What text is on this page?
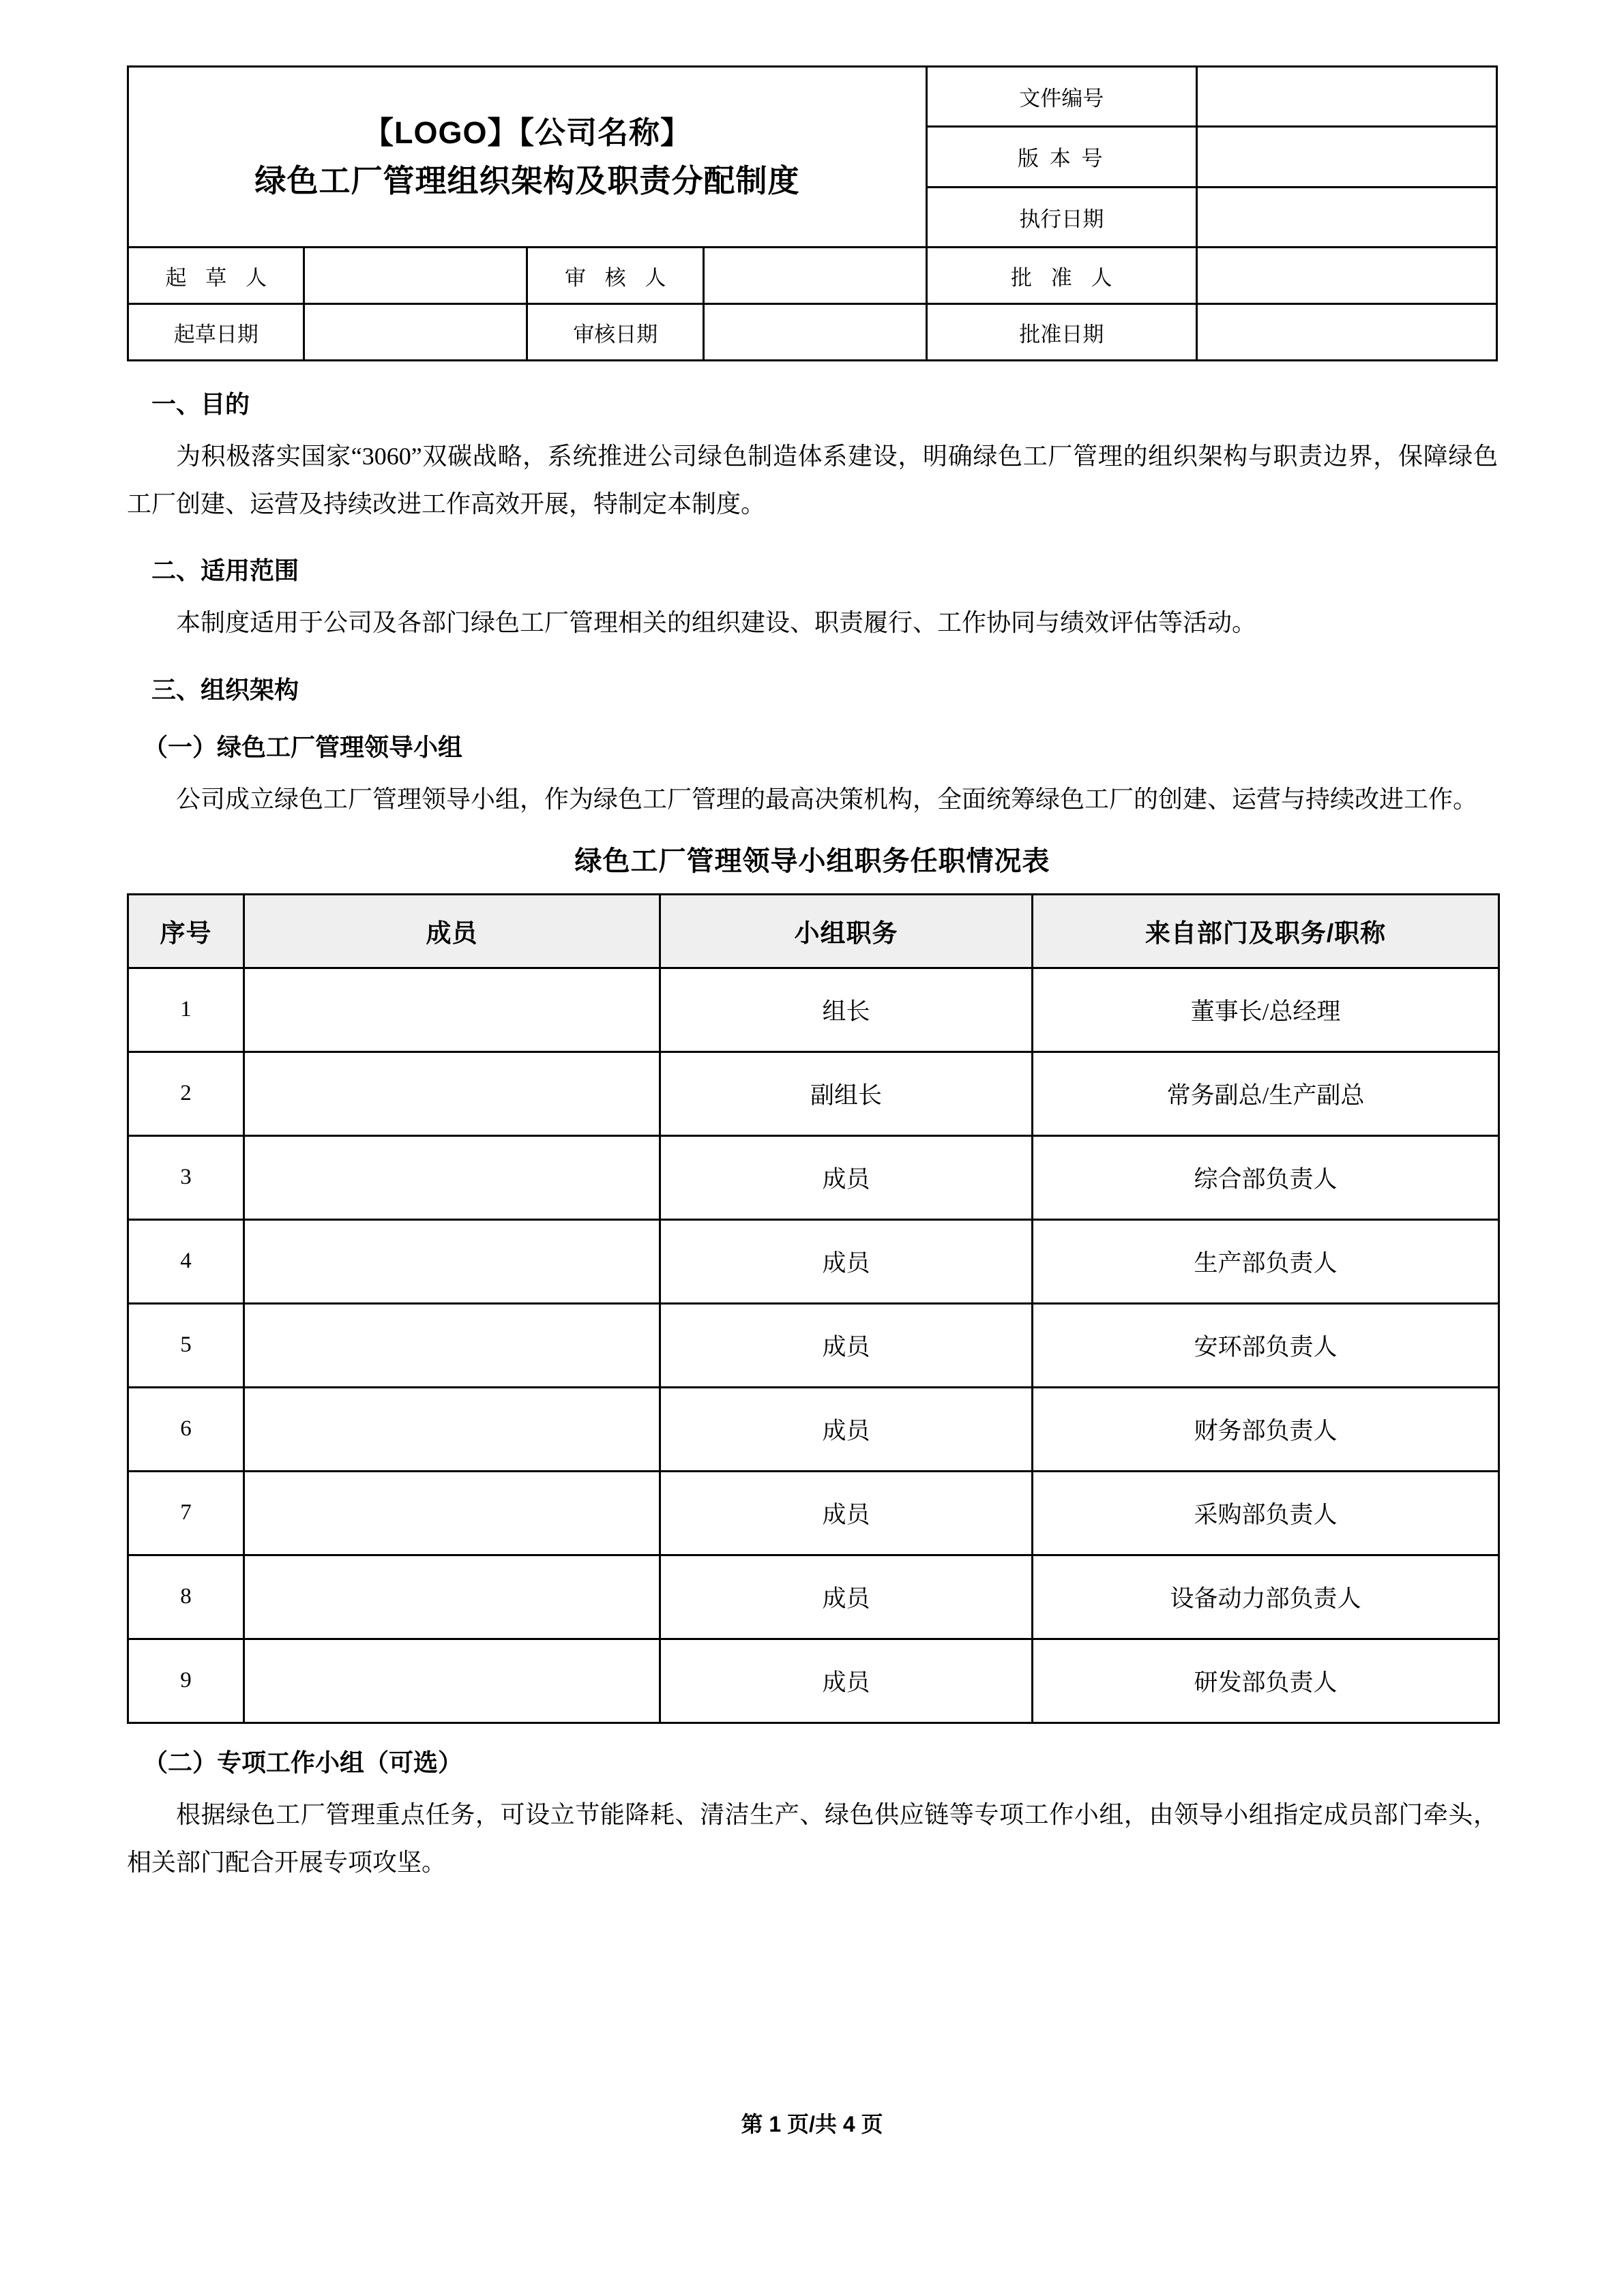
【LOGO】【公司名称】
绿色工厂管理组织架构及职责分配制度				文件编号	
				版 本 号	
				执行日期	
起 草 人		审 核 人		批 准 人	
起草日期		审核日期		批准日期	
一、目的
为积极落实国家“3060”双碳战略，系统推进公司绿色制造体系建设，明确绿色工厂管理的组织架构与职责边界，保障绿色工厂创建、运营及持续改进工作高效开展，特制定本制度。
二、适用范围
本制度适用于公司及各部门绿色工厂管理相关的组织建设、职责履行、工作协同与绩效评估等活动。
三、组织架构
（一）绿色工厂管理领导小组
公司成立绿色工厂管理领导小组，作为绿色工厂管理的最高决策机构，全面统筹绿色工厂的创建、运营与持续改进工作。
绿色工厂管理领导小组职务任职情况表
序号	成员	小组职务	来自部门及职务/职称
1		组长	董事长/总经理
2		副组长	常务副总/生产副总
3		成员	综合部负责人
4		成员	生产部负责人
5		成员	安环部负责人
6		成员	财务部负责人
7		成员	采购部负责人
8		成员	设备动力部负责人
9		成员	研发部负责人
（二）专项工作小组（可选）
根据绿色工厂管理重点任务，可设立节能降耗、清洁生产、绿色供应链等专项工作小组，由领导小组指定成员部门牵头，相关部门配合开展专项攻坚。
第 1 页/共 4 页
